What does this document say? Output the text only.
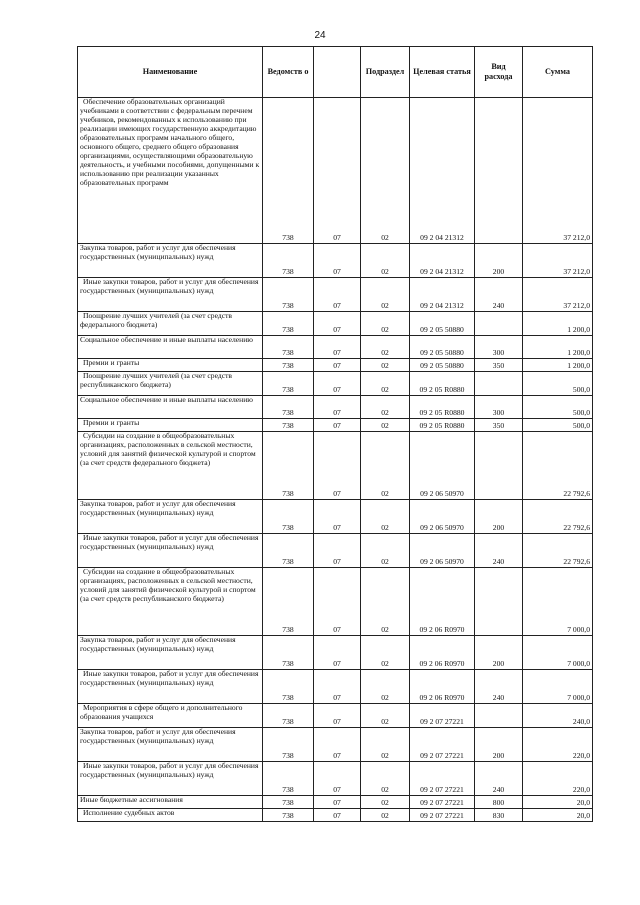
24
Наименование	Ведомств о		Подраздел	Целевая статья	Вид расхода	Сумма
Обеспечение образовательных организаций учебниками в соответствии с федеральным перечнем учебников, рекомендованных к использованию при реализации имеющих государственную аккредитацию образовательных программ начального общего, основного общего, среднего общего образования организациями, осуществляющими образовательную деятельность, и учебными пособиями, допущенными к использованию при реализации указанных образовательных программ	738	07	02	09 2 04 21312		37 212,0
Закупка товаров, работ и услуг для обеспечения государственных (муниципальных) нужд	738	07	02	09 2 04 21312	200	37 212,0
Иные закупки товаров, работ и услуг для обеспечения государственных (муниципальных) нужд	738	07	02	09 2 04 21312	240	37 212,0
Поощрение лучших учителей (за счет средств федерального бюджета)	738	07	02	09 2 05 50880		1 200,0
Социальное обеспечение и иные выплаты населению	738	07	02	09 2 05 50880	300	1 200,0
Премии и гранты	738	07	02	09 2 05 50880	350	1 200,0
Поощрение лучших учителей (за счет средств республиканского бюджета)	738	07	02	09 2 05 R0880		500,0
Социальное обеспечение и иные выплаты населению	738	07	02	09 2 05 R0880	300	500,0
Премии и гранты	738	07	02	09 2 05 R0880	350	500,0
Субсидии на создание в общеобразовательных организациях, расположенных в сельской местности, условий для занятий физической культурой и спортом (за счет средств федерального бюджета)	738	07	02	09 2 06 50970		22 792,6
Закупка товаров, работ и услуг для обеспечения государственных (муниципальных) нужд	738	07	02	09 2 06 50970	200	22 792,6
Иные закупки товаров, работ и услуг для обеспечения государственных (муниципальных) нужд	738	07	02	09 2 06 50970	240	22 792,6
Субсидии на создание в общеобразовательных организациях, расположенных в сельской местности, условий для занятий физической культурой и спортом (за счет средств республиканского бюджета)	738	07	02	09 2 06 R0970		7 000,0
Закупка товаров, работ и услуг для обеспечения государственных (муниципальных) нужд	738	07	02	09 2 06 R0970	200	7 000,0
Иные закупки товаров, работ и услуг для обеспечения государственных (муниципальных) нужд	738	07	02	09 2 06 R0970	240	7 000,0
Мероприятия в сфере общего и дополнительного образования учащихся	738	07	02	09 2 07 27221		240,0
Закупка товаров, работ и услуг для обеспечения государственных (муниципальных) нужд	738	07	02	09 2 07 27221	200	220,0
Иные закупки товаров, работ и услуг для обеспечения государственных (муниципальных) нужд	738	07	02	09 2 07 27221	240	220,0
Иные бюджетные ассигнования	738	07	02	09 2 07 27221	800	20,0
Исполнение судебных актов	738	07	02	09 2 07 27221	830	20,0
